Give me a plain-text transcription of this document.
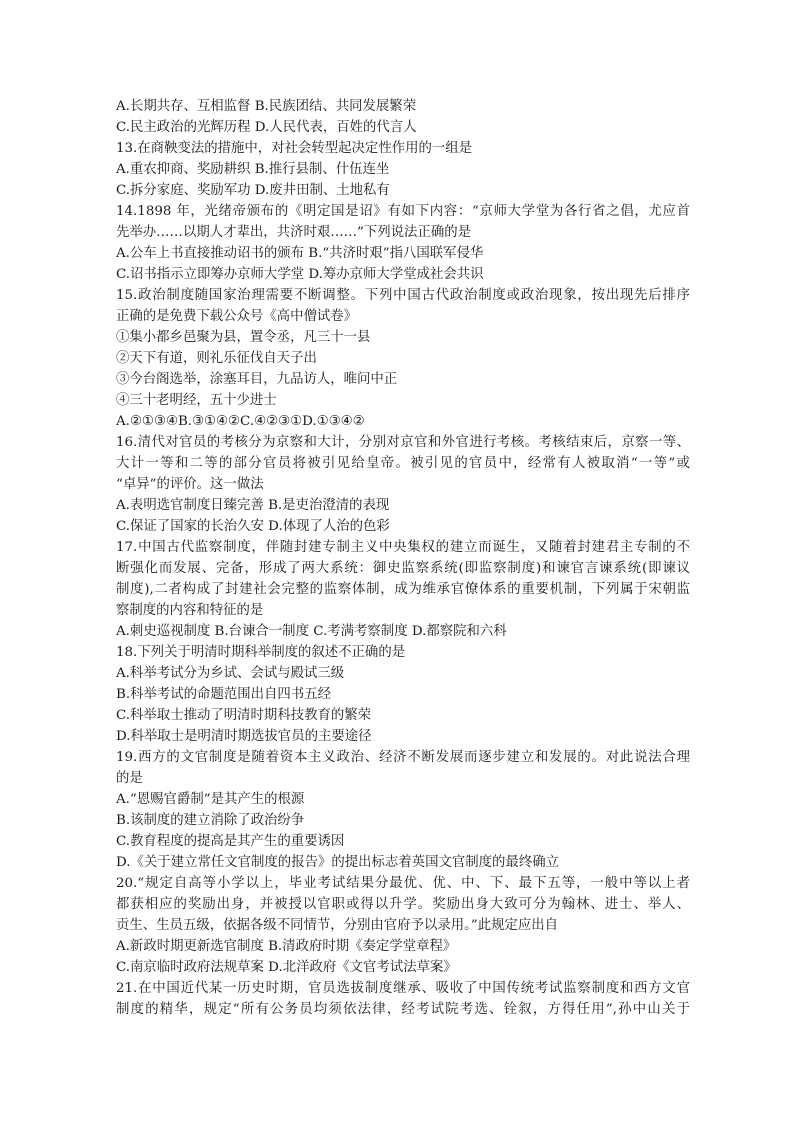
A.长期共存、互相监督 B.民族团结、共同发展繁荣
C.民主政治的光辉历程 D.人民代表，百姓的代言人
13.在商鞅变法的措施中，对社会转型起决定性作用的一组是
A.重农抑商、奖励耕织 B.推行县制、什伍连坐
C.拆分家庭、奖励军功 D.废井田制、土地私有
14.1898 年，光绪帝颁布的《明定国是诏》有如下内容：“京师大学堂为各行省之倡，尤应首
先举办……以期人才辈出，共济时艰……”下列说法正确的是
A.公车上书直接推动诏书的颁布 B.“共济时艰”指八国联军侵华
C.诏书指示立即筹办京师大学堂 D.筹办京师大学堂成社会共识
15.政治制度随国家治理需要不断调整。下列中国古代政治制度或政治现象，按出现先后排序
正确的是免费下载公众号《高中僧试卷》
①集小都乡邑聚为县，置令丞，凡三十一县
②天下有道，则礼乐征伐自天子出
③今台阁选举，涂塞耳目，九品访人，唯问中正
④三十老明经，五十少进士
A.②①③④B.③①④②C.④②③①D.①③④②
16.清代对官员的考核分为京察和大计，分别对京官和外官进行考核。考核结束后，京察一等、
大计一等和二等的部分官员将被引见给皇帝。被引见的官员中，经常有人被取消“一等”或
“卓异”的评价。这一做法
A.表明选官制度日臻完善 B.是吏治澄清的表现
C.保证了国家的长治久安 D.体现了人治的色彩
17.中国古代监察制度，伴随封建专制主义中央集权的建立而诞生，又随着封建君主专制的不
断强化而发展、完备，形成了两大系统：御史监察系统(即监察制度)和谏官言谏系统(即谏议
制度),二者构成了封建社会完整的监察体制，成为维承官僚体系的重要机制，下列属于宋朝监
察制度的内容和特征的是
A.刺史巡视制度 B.台谏合一制度 C.考满考察制度 D.都察院和六科
18.下列关于明清时期科举制度的叙述不正确的是
A.科举考试分为乡试、会试与殿试三级
B.科举考试的命题范围出自四书五经
C.科举取士推动了明清时期科技教育的繁荣
D.科举取士是明清时期选拔官员的主要途径
19.西方的文官制度是随着资本主义政治、经济不断发展而逐步建立和发展的。对此说法合理
的是
A.“恩赐官爵制”是其产生的根源
B.该制度的建立消除了政治纷争
C.教育程度的提高是其产生的重要诱因
D.《关于建立常任文官制度的报告》的提出标志着英国文官制度的最终确立
20.“规定自高等小学以上，毕业考试结果分最优、优、中、下、最下五等，一般中等以上者
都获相应的奖励出身，并被授以官职或得以升学。奖励出身大致可分为翰林、进士、举人、
贡生、生员五级，依据各级不同情节，分别由官府予以录用。”此规定应出自
A.新政时期更新选官制度 B.清政府时期《奏定学堂章程》
C.南京临时政府法规草案 D.北洋政府《文官考试法草案》
21.在中国近代某一历史时期，官员选拔制度继承、吸收了中国传统考试监察制度和西方文官
制度的精华，规定“所有公务员均须依法律，经考试院考选、铨叙，方得任用”,孙中山关于
